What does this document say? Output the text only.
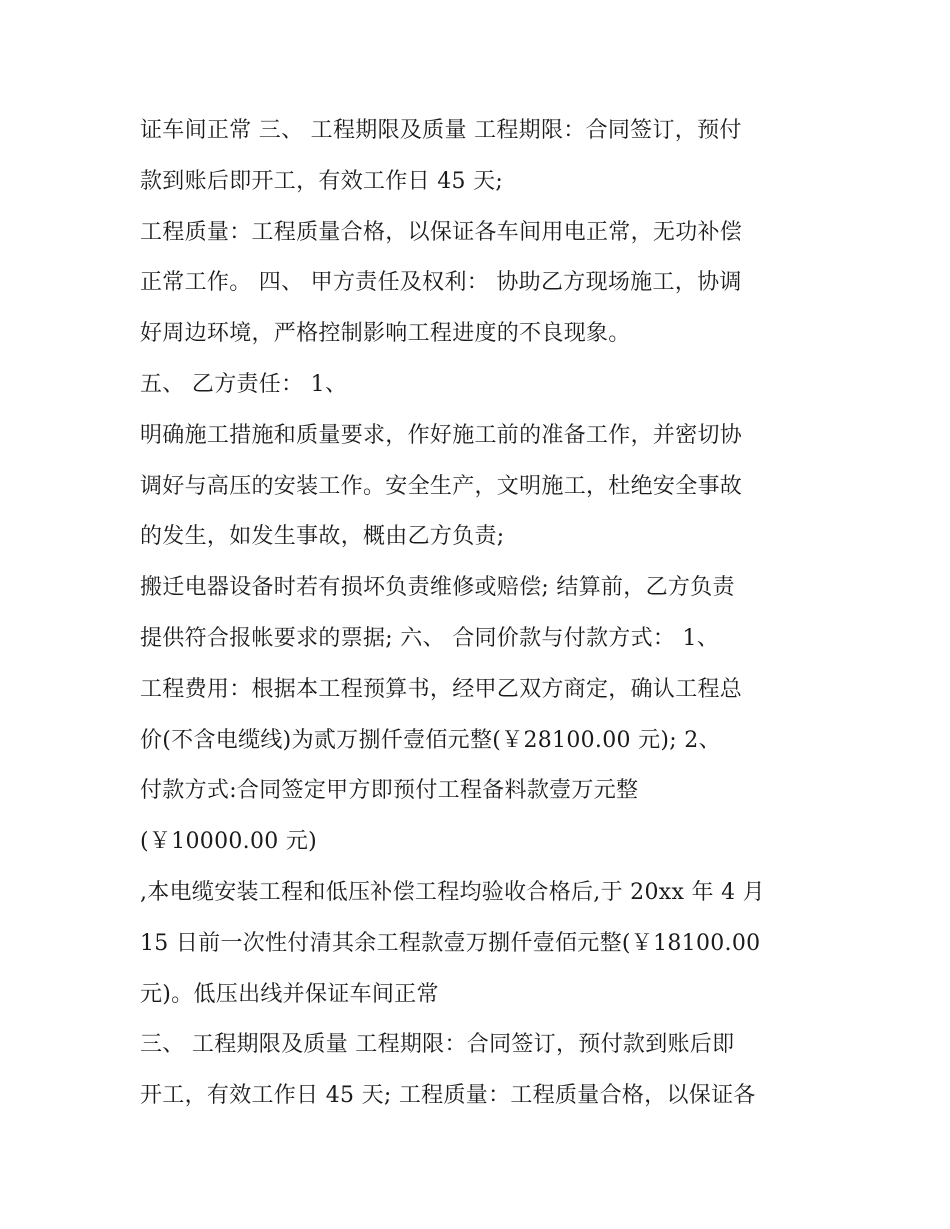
证车间正常 三、 工程期限及质量 工程期限：合同签订，预付
款到账后即开工，有效工作日 45 天;
工程质量：工程质量合格，以保证各车间用电正常，无功补偿
正常工作。 四、 甲方责任及权利： 协助乙方现场施工，协调
好周边环境，严格控制影响工程进度的不良现象。
五、 乙方责任： 1、
明确施工措施和质量要求，作好施工前的准备工作，并密切协
调好与高压的安装工作。安全生产，文明施工，杜绝安全事故
的发生，如发生事故，概由乙方负责;
搬迁电器设备时若有损坏负责维修或赔偿; 结算前，乙方负责
提供符合报帐要求的票据; 六、 合同价款与付款方式： 1、
工程费用：根据本工程预算书，经甲乙双方商定，确认工程总
价(不含电缆线)为贰万捌仟壹佰元整(￥28100.00 元); 2、
付款方式:合同签定甲方即预付工程备料款壹万元整
(￥10000.00 元)
,本电缆安装工程和低压补偿工程均验收合格后,于 20xx 年 4 月
15 日前一次性付清其余工程款壹万捌仟壹佰元整(￥18100.00
元)。低压出线并保证车间正常
三、 工程期限及质量 工程期限：合同签订，预付款到账后即
开工，有效工作日 45 天; 工程质量：工程质量合格，以保证各
